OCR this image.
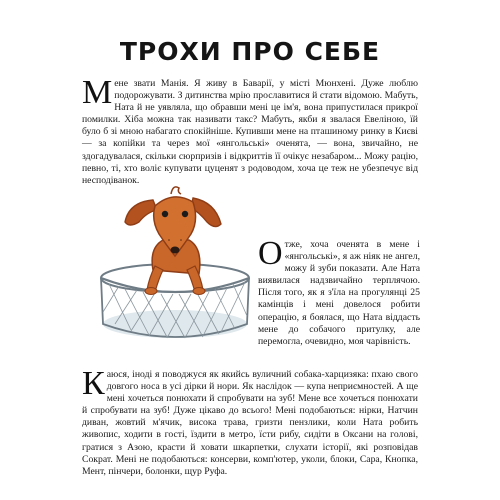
ТРОХИ ПРО СЕБЕ

Мене звати Манія. Я живу в Баварії, у місті Мюнхені. Дуже люблю подорожувати. З дитинства мрію прославитися й стати відомою. Мабуть, Ната й не уявляла, що обравши мені це ім'я, вона припустилася прикрої помилки. Хіба можна так називати такс? Мабуть, якби я звалася Евеліною, їй було б зі мною набагато спокійніше. Купивши мене на пташиному ринку в Києві — за копійки та через мої «янгольські» оченята, — вона, звичайно, не здогадувалася, скільки сюрпризів і відкриттів її очікує незабаром... Можу рацію, певно, ті, хто воліє купувати цуценят з родоводом, хоча це теж не убезпечує від несподіванок.

Отже, хоча оченята в мене і «янгольські», я аж ніяк не ангел, можу й зуби показати. Але Ната виявилася надзвичайно терплячою. Після того, як я з'їла на прогулянці 25 камінців і мені довелося робити операцію, я боялася, що Ната віддасть мене до собачого притулку, але перемогла, очевидно, моя чарівність.

Каюся, іноді я поводжуся як якийсь вуличний собака-харцизяка: пхаю свого довгого носа в усі дірки й нори. Як наслідок — купа неприємностей. А ще мені хочеться понюхати й спробувати на зуб! Мене все хочеться понюхати й спробувати на зуб! Дуже цікаво до всього! Мені подобаються: нірки, Натчин диван, жовтий м'ячик, висока трава, гризти пензлики, коли Ната робить живопис, ходити в гості, їздити в метро, їсти рибу, сидіти в Оксани на голові, гратися з Азою, красти й ховати шкарпетки, слухати історії, які розповідав Сократ. Мені не подобаються: консерви, комп'ютер, уколи, блоки, Сара, Кнопка, Мент, пінчери, болонки, щур Руфа.
